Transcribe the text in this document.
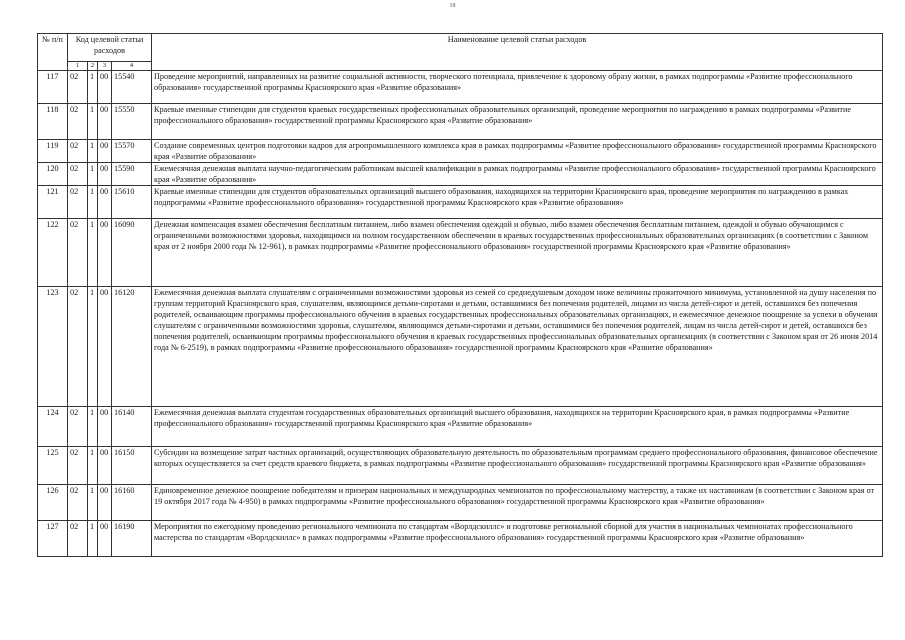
18
№ п/п	Код целевой статьи расходов				Наименование целевой статьи расходов
	1	2	3	4	
117	02	1	00	15540	Проведение мероприятий, направленных на развитие социальной активности, творческого потенциала, привлечение к здоровому образу жизни, в рамках подпрограммы «Развитие профессионального образования» государственной программы Красноярского края «Развитие образования»
118	02	1	00	15550	Краевые именные стипендии для студентов краевых государственных профессиональных образовательных организаций, проведение мероприятия по награждению в рамках подпрограммы «Развитие профессионального образования» государственной программы Красноярского края «Развитие образования»
119	02	1	00	15570	Создание современных центров подготовки кадров для агропромышленного комплекса края в рамках подпрограммы «Развитие профессионального образования» государственной программы Красноярского края «Развитие образования»
120	02	1	00	15590	Ежемесячная денежная выплата научно-педагогическим работникам высшей квалификации в рамках подпрограммы «Развитие профессионального образования» государственной программы Красноярского края «Развитие образования»
121	02	1	00	15610	Краевые именные стипендии для студентов образовательных организаций высшего образования, находящихся на территории Красноярского края, проведение мероприятия по награждению в рамках подпрограммы «Развитие профессионального образования» государственной программы Красноярского края «Развитие образования»
122	02	1	00	16090	Денежная компенсация взамен обеспечения бесплатным питанием, либо взамен обеспечения одеждой и обувью, либо взамен обеспечения бесплатным питанием, одеждой и обувью обучающимся с ограниченными возможностями здоровья, находящимся на полном государственном обеспечении в краевых государственных профессиональных образовательных организациях (в соответствии с Законом края от 2 ноября 2000 года № 12-961), в рамках подпрограммы «Развитие профессионального образования» государственной программы Красноярского края «Развитие образования»
123	02	1	00	16120	Ежемесячная денежная выплата слушателям с ограниченными возможностями здоровья из семей со среднедушевым доходом ниже величины прожиточного минимума, установленной на душу населения по группам территорий Красноярского края, слушателям, являющимся детьми-сиротами и детьми, оставшимися без попечения родителей, лицами из числа детей-сирот и детей, оставшихся без попечения родителей, осваивающим программы профессионального обучения в краевых государственных профессиональных образовательных организациях, и ежемесячное денежное поощрение за успехи в обучении слушателям с ограниченными возможностями здоровья, слушателям, являющимся детьми-сиротами и детьми, оставшимися без попечения родителей, лицам из числа детей-сирот и детей, оставшихся без попечения родителей, осваивающим программы профессионального обучения в краевых государственных профессиональных образовательных организациях (в соответствии с Законом края от 26 июня 2014 года № 6-2519), в рамках подпрограммы «Развитие профессионального образования» государственной программы Красноярского края «Развитие образования»
124	02	1	00	16140	Ежемесячная денежная выплата студентам государственных образовательных организаций высшего образования, находящихся на территории Красноярского края, в рамках подпрограммы «Развитие профессионального образования» государственной программы Красноярского края «Развитие образования»
125	02	1	00	16150	Субсидии на возмещение затрат частных организаций, осуществляющих образовательную деятельность по образовательным программам среднего профессионального образования, финансовое обеспечение которых осуществляется за счет средств краевого бюджета, в рамках подпрограммы «Развитие профессионального образования» государственной программы Красноярского края «Развитие образования»
126	02	1	00	16160	Единовременное денежное поощрение победителям и призерам национальных и международных чемпионатов по профессиональному мастерству, а также их наставникам (в соответствии с Законом края от 19 октября 2017 года № 4-950) в рамках подпрограммы «Развитие профессионального образования» государственной программы Красноярского края «Развитие образования»
127	02	1	00	16190	Мероприятия по ежегодному проведению регионального чемпионата по стандартам «Ворлдскиллс» и подготовке региональной сборной для участия в национальных чемпионатах профессионального мастерства по стандартам «Ворлдскиллс» в рамках подпрограммы «Развитие профессионального образования» государственной программы Красноярского края «Развитие образования»
